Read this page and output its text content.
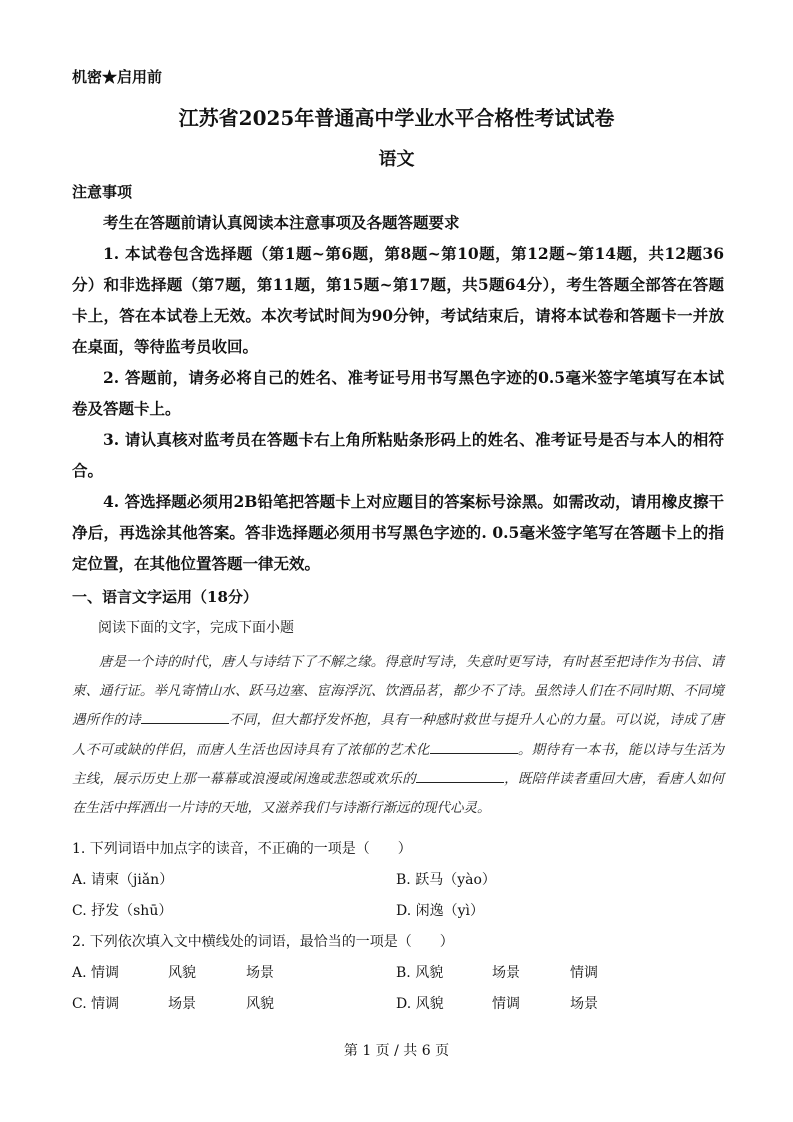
机密★启用前
江苏省2025年普通高中学业水平合格性考试试卷
语文
注意事项

考生在答题前请认真阅读本注意事项及各题答题要求

1. 本试卷包含选择题（第1题~第6题，第8题~第10题，第12题~第14题，共12题36分）和非选择题（第7题，第11题，第15题~第17题，共5题64分），考生答题全部答在答题卡上，答在本试卷上无效。本次考试时间为90分钟，考试结束后，请将本试卷和答题卡一并放在桌面，等待监考员收回。

2. 答题前，请务必将自己的姓名、准考证号用书写黑色字迹的0.5毫米签字笔填写在本试卷及答题卡上。

3. 请认真核对监考员在答题卡右上角所粘贴条形码上的姓名、准考证号是否与本人的相符合。

4. 答选择题必须用2B铅笔把答题卡上对应题目的答案标号涂黑。如需改动，请用橡皮擦干净后，再选涂其他答案。答非选择题必须用书写黑色字迹的. 0.5毫米签字笔写在答题卡上的指定位置，在其他位置答题一律无效。

一、语言文字运用（18分）
阅读下面的文字，完成下面小题
唐是一个诗的时代，唐人与诗结下了不解之缘。得意时写诗，失意时更写诗，有时甚至把诗作为书信、请柬、通行证。举凡寄情山水、跃马边塞、宦海浮沉、饮酒品茗，都少不了诗。虽然诗人们在不同时期、不同境遇所作的诗	不同，但大都抒发怀抱，具有一种感时救世与提升人心的力量。可以说，诗成了唐人不可或缺的伴侣，而唐人生活也因诗具有了浓郁的艺术化	。期待有一本书，能以诗与生活为主线，展示历史上那一幕幕或浪漫或闲逸或悲怨或欢乐的	，既陪伴读者重回大唐，看唐人如何在生活中挥洒出一片诗的天地，又滋养我们与诗渐行渐远的现代心灵。
1. 下列词语中加点字的读音，不正确的一项是（　　）
A. 请柬（jiǎn）	B. 跃马（yào）
C. 抒发（shū）	D. 闲逸（yì）
2. 下列依次填入文中横线处的词语，最恰当的一项是（　　）
A. 情调	风貌	场景	B. 风貌	场景	情调
C. 情调	场景	风貌	D. 风貌	情调	场景
第 1 页 / 共 6 页
